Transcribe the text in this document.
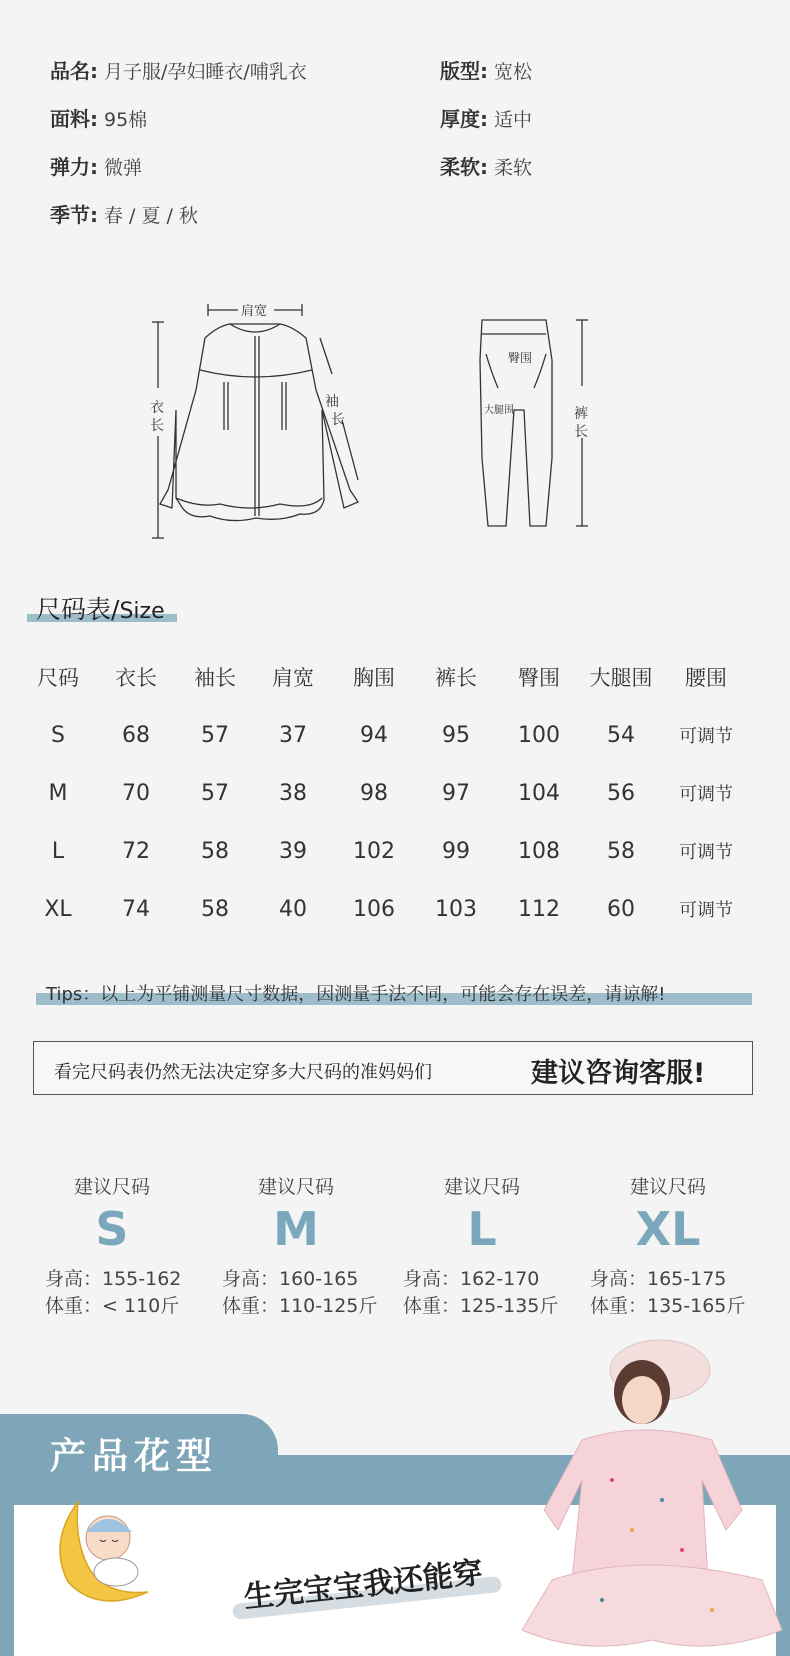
品名: 月子服/孕妇睡衣/哺乳衣	版型: 宽松
面料: 95棉	厚度: 适中
弹力: 微弹	柔软: 柔软
季节: 春 / 夏 / 秋
肩宽
衣
长
袖
长
臀围
大腿围	裤
长
尺码表/Size
尺码	衣长	袖长	肩宽	胸围	裤长	臀围	大腿围	腰围
S	68	57	37	94	95	100	54	可调节
M	70	57	38	98	97	104	56	可调节
L	72	58	39	102	99	108	58	可调节
XL	74	58	40	106	103	112	60	可调节
Tips：以上为平铺测量尺寸数据，因测量手法不同，可能会存在误差，请谅解!
看完尺码表仍然无法决定穿多大尺码的准妈妈们	建议咨询客服!
建议尺码
S
建议尺码
M
建议尺码
L
建议尺码
XL
身高：155-162
体重：< 110斤
身高：160-165
体重：110-125斤
身高：162-170
体重：125-135斤
身高：165-175
体重：135-165斤
产品花型
生完宝宝我还能穿
